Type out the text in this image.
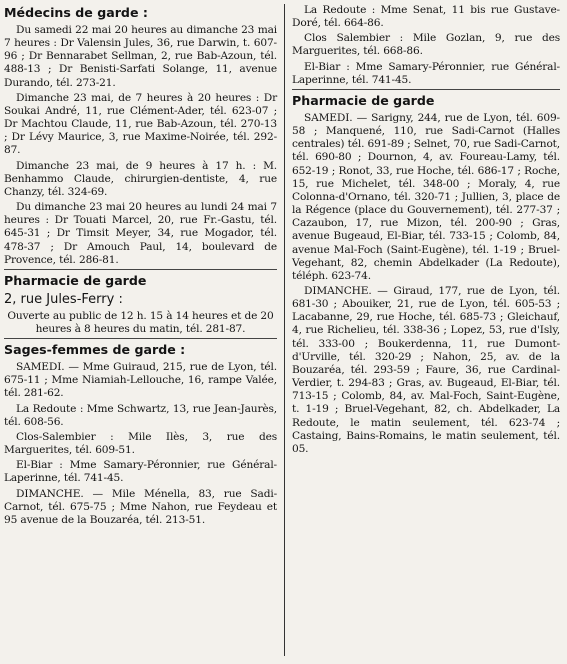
Médecins de garde :

Du samedi 22 mai 20 heures au dimanche 23 mai 7 heures : Dr Valensin Jules, 36, rue Darwin, t. 607-96 ; Dr Bennarabet Sellman, 2, rue Bab-Azoun, tél. 488-13 ; Dr Benisti-Sarfati Solange, 11, avenue Durando, tél. 273-21.

Dimanche 23 mai, de 7 heures à 20 heures : Dr Soukai André, 11, rue Clément-Ader, tél. 623-07 ; Dr Machtou Claude, 11, rue Bab-Azoun, tél. 270-13 ; Dr Lévy Maurice, 3, rue Maxime-Noirée, tél. 292-87.

Dimanche 23 mai, de 9 heures à 17 h. : M. Benhammo Claude, chirurgien-dentiste, 4, rue Chanzy, tél. 324-69.

Du dimanche 23 mai 20 heures au lundi 24 mai 7 heures : Dr Touati Marcel, 20, rue Fr.-Gastu, tél. 645-31 ; Dr Timsit Meyer, 34, rue Mogador, tél. 478-37 ; Dr Amouch Paul, 14, boulevard de Provence, tél. 286-81.

Pharmacie de garde
2, rue Jules-Ferry :

Ouverte au public de 12 h. 15 à 14 heures et de 20 heures à 8 heures du matin, tél. 281-87.

Sages-femmes de garde :

SAMEDI. — Mme Guiraud, 215, rue de Lyon, tél. 675-11 ; Mme Niamiah-Lellouche, 16, rampe Valée, tél. 281-62.

La Redoute : Mme Schwartz, 13, rue Jean-Jaurès, tél. 608-56.

Clos-Salembier : Mile Ilès, 3, rue des Marguerites, tél. 609-51.

El-Biar : Mme Samary-Péronnier, rue Général-Laperinne, tél. 741-45.

DIMANCHE. — Mile Ménella, 83, rue Sadi-Carnot, tél. 675-75 ; Mme Nahon, rue Feydeau et 95 avenue de la Bouzaréa, tél. 213-51.

La Redoute : Mme Senat, 11 bis rue Gustave-Doré, tél. 664-86.

Clos Salembier : Mile Gozlan, 9, rue des Marguerites, tél. 668-86.

El-Biar : Mme Samary-Péronnier, rue Général-Laperinne, tél. 741-45.

Pharmacie de garde

SAMEDI. — Sarigny, 244, rue de Lyon, tél. 609-58 ; Manquené, 110, rue Sadi-Carnot (Halles centrales) tél. 691-89 ; Selnet, 70, rue Sadi-Carnot, tél. 690-80 ; Dournon, 4, av. Foureau-Lamy, tél. 652-19 ; Ronot, 33, rue Hoche, tél. 686-17 ; Roche, 15, rue Michelet, tél. 348-00 ; Moraly, 4, rue Colonna-d'Ornano, tél. 320-71 ; Jullien, 3, place de la Régence (place du Gouvernement), tél. 277-37 ; Cazaubon, 17, rue Mizon, tél. 200-90 ; Gras, avenue Bugeaud, El-Biar, tél. 733-15 ; Colomb, 84, avenue Mal-Foch (Saint-Eugène), tél. 1-19 ; Bruel-Vegehant, 82, chemin Abdelkader (La Redoute), téléph. 623-74.

DIMANCHE. — Giraud, 177, rue de Lyon, tél. 681-30 ; Abouiker, 21, rue de Lyon, tél. 605-53 ; Lacabanne, 29, rue Hoche, tél. 685-73 ; Gleichauf, 4, rue Richelieu, tél. 338-36 ; Lopez, 53, rue d'Isly, tél. 333-00 ; Boukerdenna, 11, rue Dumont-d'Urville, tél. 320-29 ; Nahon, 25, av. de la Bouzaréa, tél. 293-59 ; Faure, 36, rue Cardinal-Verdier, t. 294-83 ; Gras, av. Bugeaud, El-Biar, tél. 713-15 ; Colomb, 84, av. Mal-Foch, Saint-Eugène, t. 1-19 ; Bruel-Vegehant, 82, ch. Abdelkader, La Redoute, le matin seulement, tél. 623-74 ; Castaing, Bains-Romains, le matin seulement, tél. 05.
